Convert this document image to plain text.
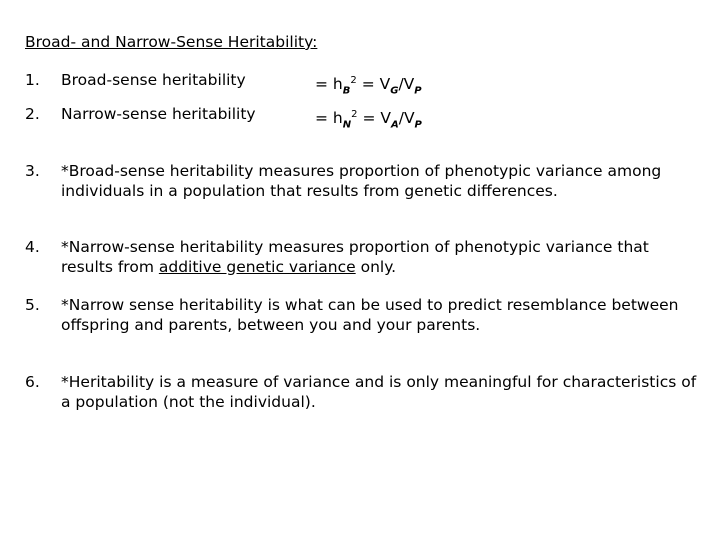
Broad- and Narrow-Sense Heritability:
1. Broad-sense heritability	= $h_B^2 = V_G/V_P$
2. Narrow-sense heritability	= $h_N^2 = V_A/V_P$
3. *Broad-sense heritability measures proportion of phenotypic variance among individuals in a population that results from genetic differences.
4. *Narrow-sense heritability measures proportion of phenotypic variance that results from additive genetic variance only.
5. *Narrow sense heritability is what can be used to predict resemblance between offspring and parents, between you and your parents.
6. *Heritability is a measure of variance and is only meaningful for characteristics of a population (not the individual).
